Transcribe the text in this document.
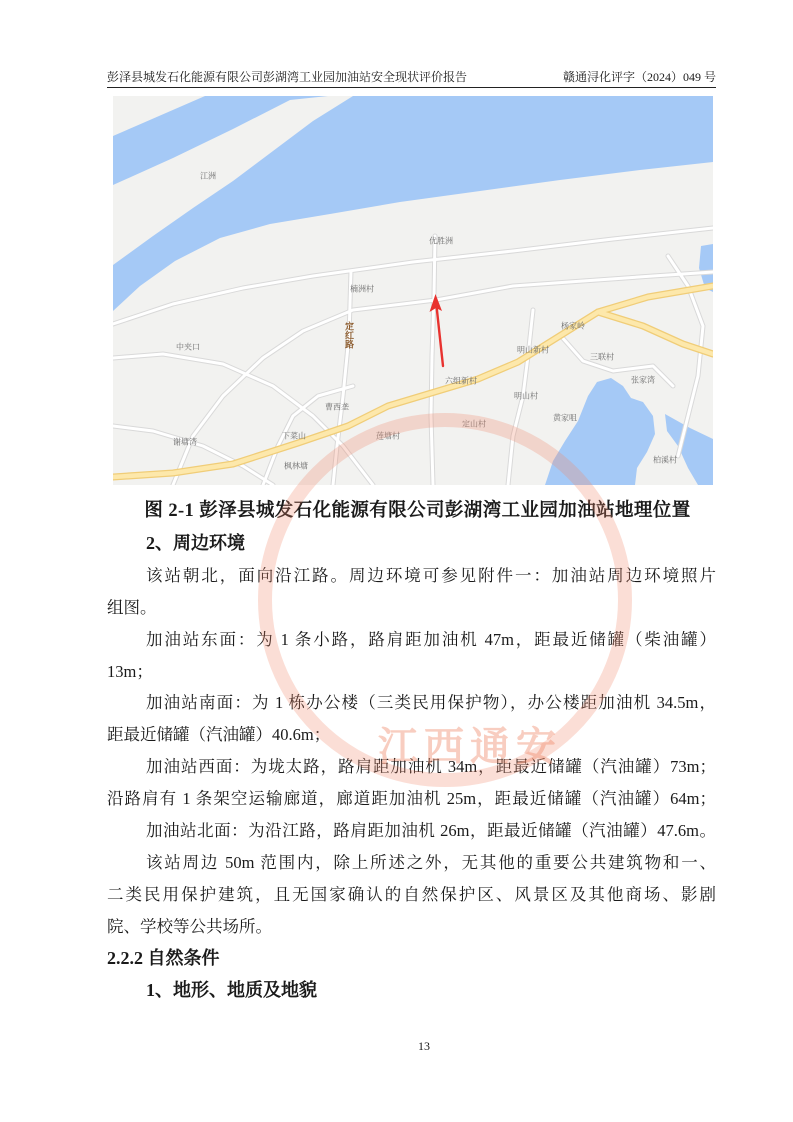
彭泽县城发石化能源有限公司彭湖湾工业园加油站安全现状评价报告	赣通浔化评字（2024）049 号
江洲
优胜洲
楠洲村
定红路
中夹口
杨家岭
明山新村
三联村
张家湾
六组新村
明山村
黄家咀
曹西垄
定山村
下菜山	莲塘村
谢塘湾
枫林塘
柏溪村
图 2-1 彭泽县城发石化能源有限公司彭湖湾工业园加油站地理位置
2、周边环境
该站朝北，面向沿江路。周边环境可参见附件一：加油站周边环境照片
组图。
加油站东面：为 1 条小路，路肩距加油机 47m，距最近储罐（柴油罐）
13m；
加油站南面：为 1 栋办公楼（三类民用保护物），办公楼距加油机 34.5m，
距最近储罐（汽油罐）40.6m；
加油站西面：为垅太路，路肩距加油机 34m，距最近储罐（汽油罐）73m；
沿路肩有 1 条架空运输廊道，廊道距加油机 25m，距最近储罐（汽油罐）64m；
加油站北面：为沿江路，路肩距加油机 26m，距最近储罐（汽油罐）47.6m。
该站周边 50m 范围内，除上所述之外，无其他的重要公共建筑物和一、
二类民用保护建筑，且无国家确认的自然保护区、风景区及其他商场、影剧
院、学校等公共场所。
2.2.2 自然条件
1、地形、地质及地貌
13
江西通安
